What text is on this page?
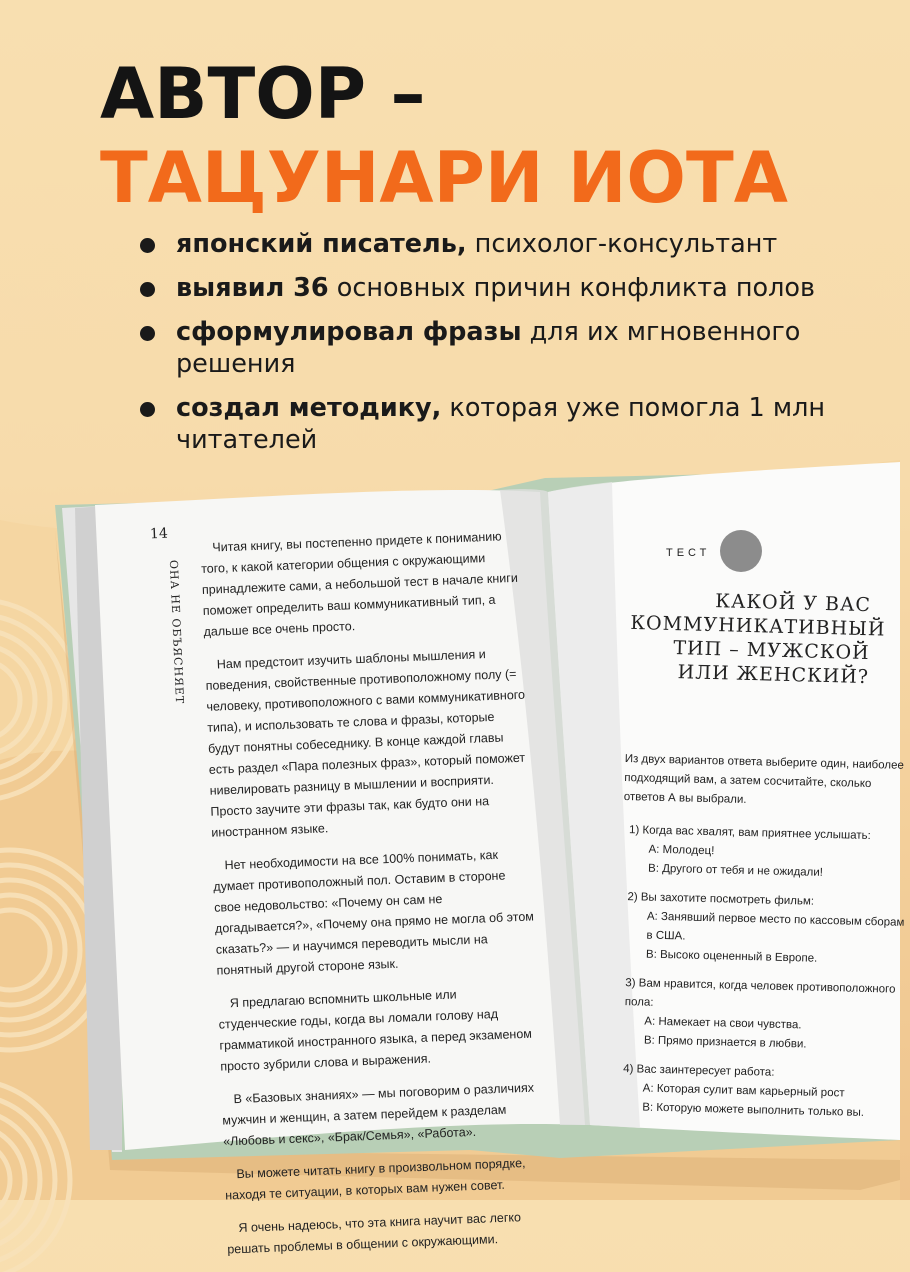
АВТОР –
ТАЦУНАРИ ИОТА
японский писатель, психолог-консультант
выявил 36 основных причин конфликта полов
сформулировал фразы для их мгновенного решения
создал методику, которая уже помогла 1 млн читателей
14
ОНА НЕ ОБЪЯСНЯЕТ

Читая книгу, вы постепенно придете к пониманию того, к какой категории общения с окружающими принадлежите сами, а небольшой тест в начале книги поможет определить ваш коммуникативный тип, а дальше все очень просто.

Нам предстоит изучить шаблоны мышления и поведения, свойственные противоположному полу (= человеку, противоположного с вами коммуникативного типа), и использовать те слова и фразы, которые будут понятны собеседнику. В конце каждой главы есть раздел «Пара полезных фраз», который поможет нивелировать разницу в мышлении и восприяти. Просто заучите эти фразы так, как будто они на иностранном языке.

Нет необходимости на все 100% понимать, как думает противоположный пол. Оставим в стороне свое недовольство: «Почему он сам не догадывается?», «Почему она прямо не могла об этом сказать?» — и научимся переводить мысли на понятный другой стороне язык.

Я предлагаю вспомнить школьные или студенческие годы, когда вы ломали голову над грамматикой иностранного языка, а перед экзаменом просто зубрили слова и выражения.

В «Базовых знаниях» — мы поговорим о различиях мужчин и женщин, а затем перейдем к разделам «Любовь и секс», «Брак/Семья», «Работа».

Вы можете читать книгу в произвольном порядке, находя те ситуации, в которых вам нужен совет.

Я очень надеюсь, что эта книга научит вас легко решать проблемы в общении с окружающими.

ТЕСТ
КАКОЙ У ВАС КОММУНИКАТИВНЫЙ ТИП – МУЖСКОЙ ИЛИ ЖЕНСКИЙ?

Из двух вариантов ответа выберите один, наиболее подходящий вам, а затем сосчитайте, сколько ответов А вы выбрали.

1) Когда вас хвалят, вам приятнее услышать:
А: Молодец!
В: Другого от тебя и не ожидали!
2) Вы захотите посмотреть фильм:
А: Занявший первое место по кассовым сборам в США.
В: Высоко оцененный в Европе.
3) Вам нравится, когда человек противоположного пола:
А: Намекает на свои чувства.
В: Прямо признается в любви.
4) Вас заинтересует работа:
А: Которая сулит вам карьерный рост
В: Которую можете выполнить только вы.
